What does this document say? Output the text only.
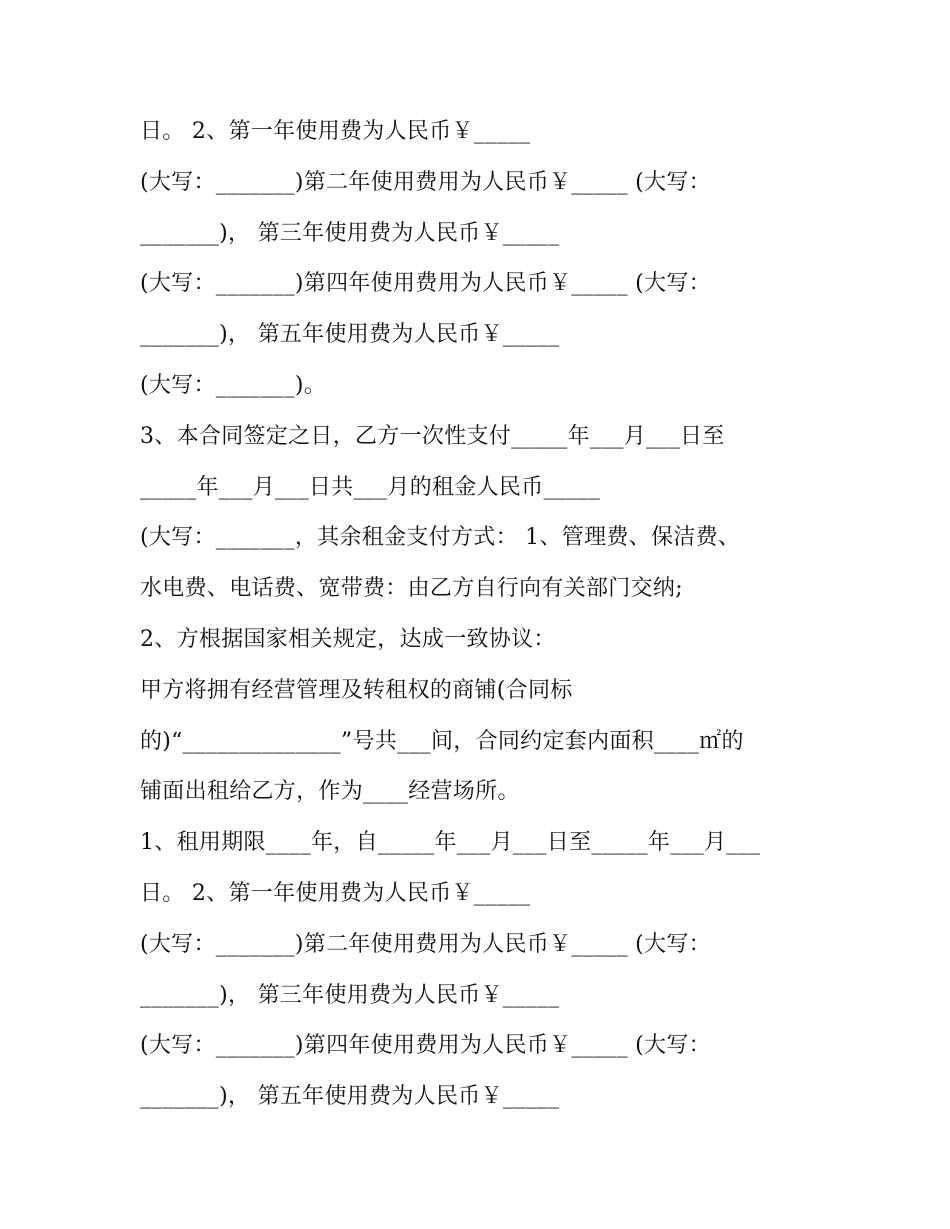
日。 2、第一年使用费为人民币￥_____
(大写：_______)第二年使用费用为人民币￥_____ (大写：
_______)， 第三年使用费为人民币￥_____
(大写：_______)第四年使用费用为人民币￥_____ (大写：
_______)， 第五年使用费为人民币￥_____
(大写：_______)。
3、本合同签定之日，乙方一次性支付_____年___月___日至
_____年___月___日共___月的租金人民币_____
(大写：_______，其余租金支付方式： 1、管理费、保洁费、
水电费、电话费、宽带费：由乙方自行向有关部门交纳;
2、方根据国家相关规定，达成一致协议：
甲方将拥有经营管理及转租权的商铺(合同标
的)“______________”号共___间，合同约定套内面积____㎡的
铺面出租给乙方，作为____经营场所。
1、租用期限____年，自_____年___月___日至_____年___月___
日。 2、第一年使用费为人民币￥_____
(大写：_______)第二年使用费用为人民币￥_____ (大写：
_______)， 第三年使用费为人民币￥_____
(大写：_______)第四年使用费用为人民币￥_____ (大写：
_______)， 第五年使用费为人民币￥_____
